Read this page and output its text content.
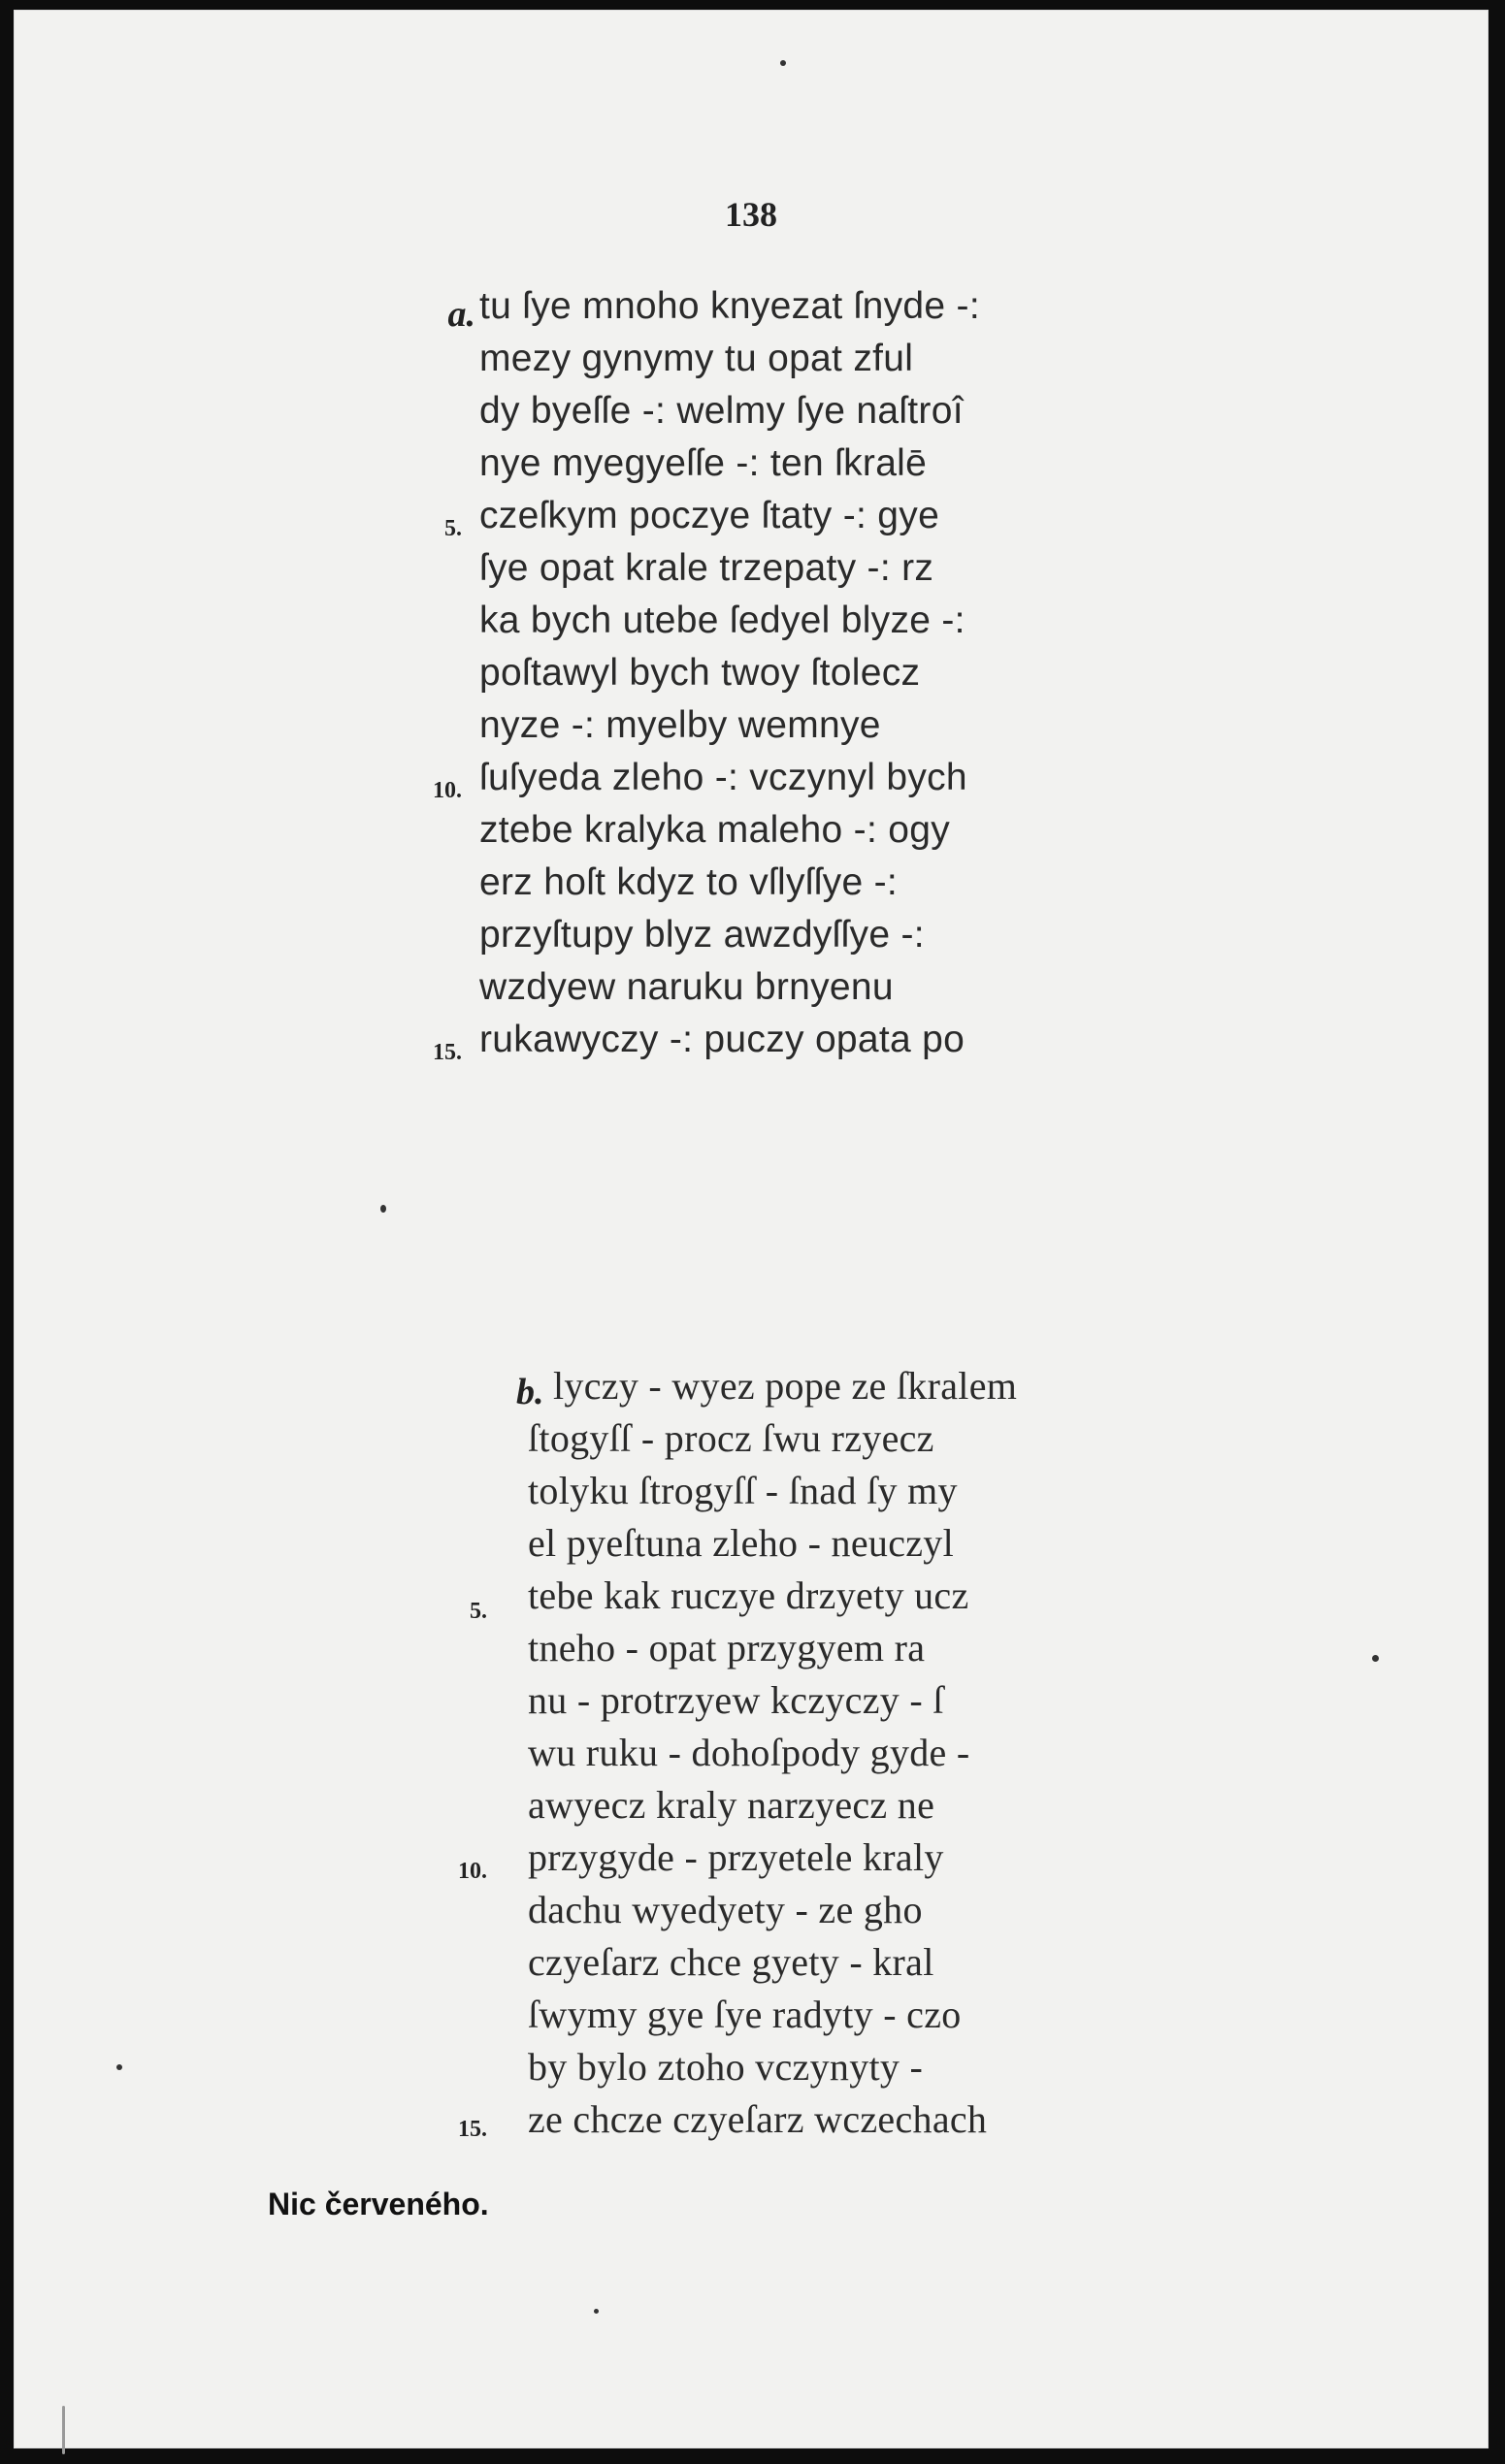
138
a.
5.
10.
15.
tu ſye mnoho knyezat ſnyde -:
mezy gynymy tu opat zful
dy byeſſe -: welmy ſye naſtroî
nye myegyeſſe -: ten ſkralē
czeſkym poczye ſtaty -: gye
ſye opat krale trzepaty -: rz
ka bych utebe ſedyel blyze -:
poſtawyl bych twoy ſtolecz
nyze -: myelby wemnye
ſuſyeda zleho -: vczynyl bych
ztebe kralyka maleho -: ogy
erz hoſt kdyz to vſlyſſye -:
przyſtupy blyz awzdyſſye -:
wzdyew naruku brnyenu
rukawyczy -: puczy opata po
b.
5.
10.
15.
lyczy - wyez pope ze ſkralem
ſtogyſſ - procz ſwu rzyecz
tolyku ſtrogyſſ - ſnad ſy my
el pyeſtuna zleho - neuczyl
tebe kak ruczye drzyety ucz
tneho - opat przygyem ra
nu - protrzyew kczyczy - ſ
wu ruku - dohoſpody gyde -
awyecz kraly narzyecz ne
przygyde - przyetele kraly
dachu wyedyety - ze gho
czyeſarz chce gyety - kral
ſwymy gye ſye radyty - czo
by bylo ztoho vczynyty -
ze chcze czyeſarz wczechach
Nic červeného.
